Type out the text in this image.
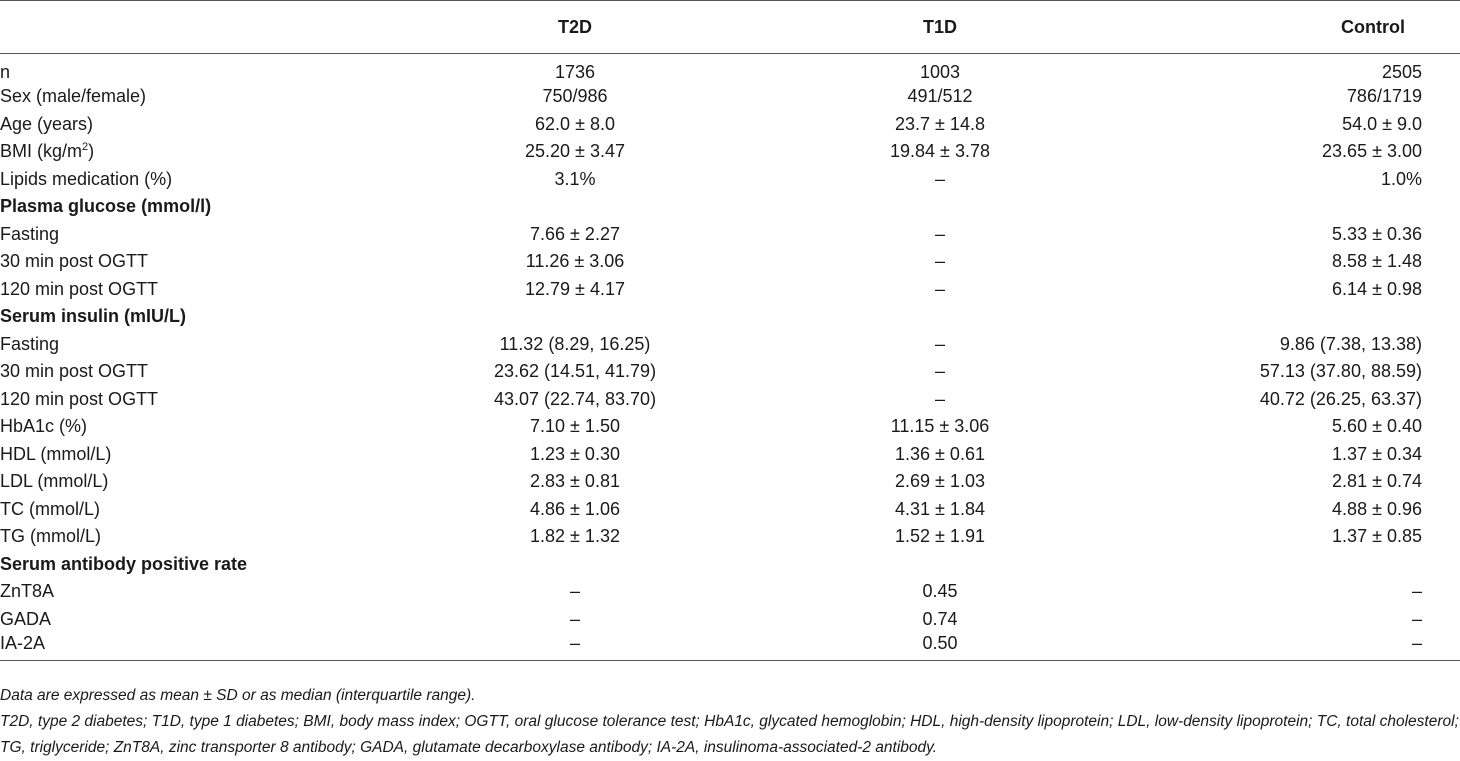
	T2D	T1D	Control
n	1736	1003	2505
Sex (male/female)	750/986	491/512	786/1719
Age (years)	62.0 ± 8.0	23.7 ± 14.8	54.0 ± 9.0
BMI $(kg/m^2)$	25.20 ± 3.47	19.84 ± 3.78	23.65 ± 3.00
Lipids medication (%)	3.1%	–	1.0%
Plasma glucose (mmol/l)			
Fasting	7.66 ± 2.27	–	5.33 ± 0.36
30 min post OGTT	11.26 ± 3.06	–	8.58 ± 1.48
120 min post OGTT	12.79 ± 4.17	–	6.14 ± 0.98
Serum insulin (mIU/L)			
Fasting	11.32 (8.29, 16.25)	–	9.86 (7.38, 13.38)
30 min post OGTT	23.62 (14.51, 41.79)	–	57.13 (37.80, 88.59)
120 min post OGTT	43.07 (22.74, 83.70)	–	40.72 (26.25, 63.37)
HbA1c (%)	7.10 ± 1.50	11.15 ± 3.06	5.60 ± 0.40
HDL (mmol/L)	1.23 ± 0.30	1.36 ± 0.61	1.37 ± 0.34
LDL (mmol/L)	2.83 ± 0.81	2.69 ± 1.03	2.81 ± 0.74
TC (mmol/L)	4.86 ± 1.06	4.31 ± 1.84	4.88 ± 0.96
TG (mmol/L)	1.82 ± 1.32	1.52 ± 1.91	1.37 ± 0.85
Serum antibody positive rate			
ZnT8A	–	0.45	–
GADA	–	0.74	–
IA-2A	–	0.50	–

Data are expressed as mean ± SD or as median (interquartile range).

T2D, type 2 diabetes; T1D, type 1 diabetes; BMI, body mass index; OGTT, oral glucose tolerance test; HbA1c, glycated hemoglobin; HDL, high-density lipoprotein; LDL, low-density lipoprotein; TC, total cholesterol; TG, triglyceride; ZnT8A, zinc transporter 8 antibody; GADA, glutamate decarboxylase antibody; IA-2A, insulinoma-associated-2 antibody.
